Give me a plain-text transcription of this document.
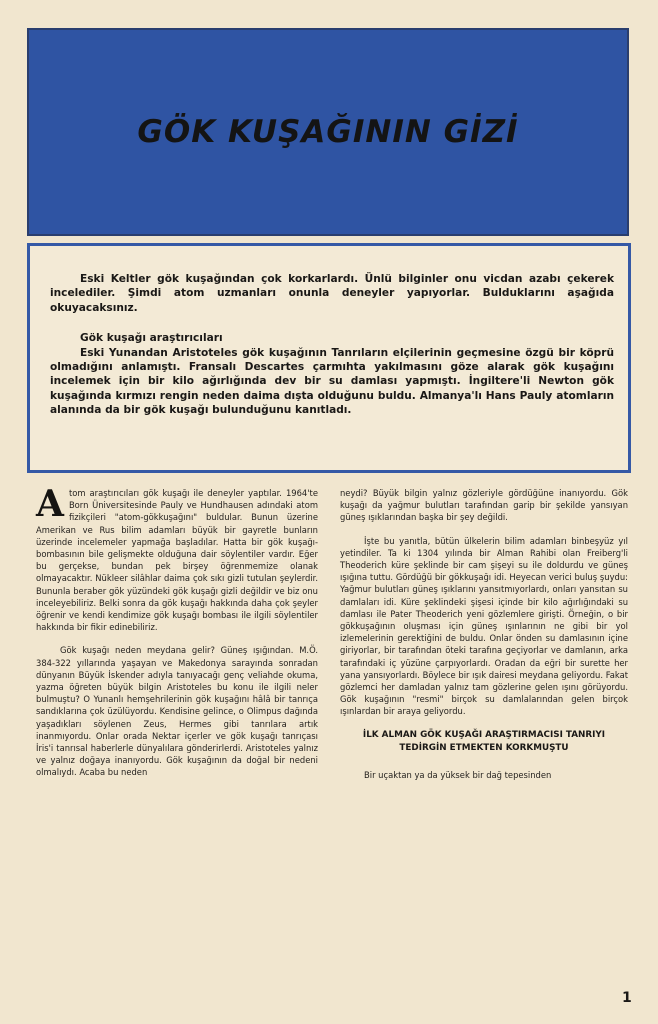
GÖK KUŞAĞININ GİZİ

Eski Keltler gök kuşağından çok korkarlardı. Ünlü bilginler onu vicdan azabı çekerek incelediler. Şimdi atom uzmanları onunla deneyler yapıyorlar. Bulduklarını aşağıda okuyacaksınız.

Gök kuşağı araştırıcıları

Eski Yunandan Aristoteles gök kuşağının Tanrıların elçilerinin geçmesine özgü bir köprü olmadığını anlamıştı. Fransalı Descartes çarmıhta yakılmasını göze alarak gök kuşağını incelemek için bir kilo ağırlığında dev bir su damlası yapmıştı. İngiltere'li Newton gök kuşağında kırmızı rengin neden daima dışta olduğunu buldu. Almanya'lı Hans Pauly atomların alanında da bir gök kuşağı bulunduğunu kanıtladı.

Atom araştırıcıları gök kuşağı ile deneyler yaptılar. 1964'te Born Üniversitesinde Pauly ve Hundhausen adındaki atom fizikçileri "atom-gökkuşağını" buldular. Bunun üzerine Amerikan ve Rus bilim adamları büyük bir gayretle bunların üzerinde incelemeler yapmağa başladılar. Hatta bir gök kuşağı-bombasının bile gelişmekte olduğuna dair söylentiler vardır. Eğer bu gerçekse, bundan pek birşey öğrenmemize olanak olmayacaktır. Nükleer silâhlar daima çok sıkı gizli tutulan şeylerdir. Bununla beraber gök yüzündeki gök kuşağı gizli değildir ve biz onu inceleyebiliriz. Belki sonra da gök kuşağı hakkında daha çok şeyler öğrenir ve kendi kendimize gök kuşağı bombası ile ilgili söylentiler hakkında bir fikir edinebiliriz.

Gök kuşağı neden meydana gelir? Güneş ışığından. M.Ö. 384-322 yıllarında yaşayan ve Makedonya sarayında sonradan dünyanın Büyük İskender adıyla tanıyacağı genç veliahde okuma, yazma öğreten büyük bilgin Aristoteles bu konu ile ilgili neler bulmuştu? O Yunanlı hemşehrilerinin gök kuşağını hâlâ bir tanrıça sandıklarına çok üzülüyordu. Kendisine gelince, o Olimpus dağında yaşadıkları söylenen Zeus, Hermes gibi tanrılara artık inanmıyordu. Onlar orada Nektar içerler ve gök kuşağı tanrıçası İris'i tanrısal haberlerle dünyalılara gönderirlerdi. Aristoteles yalnız ve yalnız doğaya inanıyordu. Gök kuşağının da doğal bir nedeni olmalıydı. Acaba bu neden

neydi? Büyük bilgin yalnız gözleriyle gördüğüne inanıyordu. Gök kuşağı da yağmur bulutları tarafından garip bir şekilde yansıyan güneş ışıklarından başka bir şey değildi.

İşte bu yanıtla, bütün ülkelerin bilim adamları binbeşyüz yıl yetindiler. Ta ki 1304 yılında bir Alman Rahibi olan Freiberg'li Theoderich küre şeklinde bir cam şişeyi su ile doldurdu ve güneş ışığına tuttu. Gördüğü bir gökkuşağı idi. Heyecan verici buluş şuydu: Yağmur bulutları güneş ışıklarını yansıtmıyorlardı, onları yansıtan su damlaları idi. Küre şeklindeki şişesi içinde bir kilo ağırlığındaki su damlası ile Pater Theoderich yeni gözlemlere girişti. Örneğin, o bir gökkuşağının oluşması için güneş ışınlarının ne gibi bir yol izlemelerinin gerektiğini de buldu. Onlar önden su damlasının içine giriyorlar, bir tarafından öteki tarafına geçiyorlar ve damlanın, arka tarafındaki iç yüzüne çarpıyorlardı. Oradan da eğri bir surette her yana yansıyorlardı. Böylece bir ışık dairesi meydana geliyordu. Fakat gözlemci her damladan yalnız tam gözlerine gelen ışını görüyordu. Gök kuşağının "resmi" birçok su damlalarından gelen birçok ışınlardan bir araya geliyordu.

İLK ALMAN GÖK KUŞAĞI ARAŞTIRMACISI TANRIYI TEDİRGİN ETMEKTEN KORKMUŞTU

Bir uçaktan ya da yüksek bir dağ tepesinden

1
